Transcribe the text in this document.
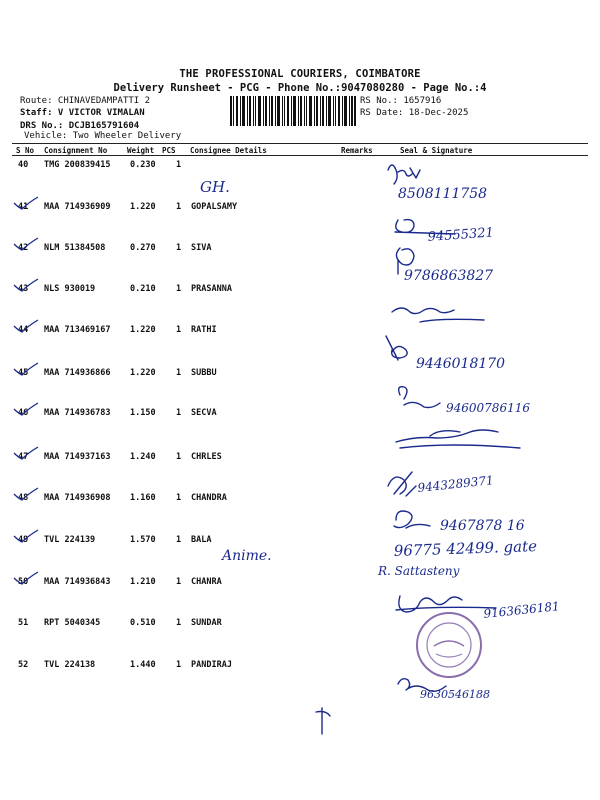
THE PROFESSIONAL COURIERS, COIMBATORE
Delivery Runsheet - PCG - Phone No.:9047080280 - Page No.:4
Route: CHINAVEDAMPATTI 2
Staff: V VICTOR VIMALAN
DRS No.: DCJB165791604
Vehicle: Two Wheeler Delivery
RS No.: 1657916
RS Date: 18-Dec-2025
S No Consignment No	Weight PCS Consignee Details	Remarks	Seal & Signature
40 TMG 200839415 0.230 1
41 MAA 714936909 1.220 1 GOPALSAMY
42 NLM 51384508	0.270 1 SIVA
43 NLS 930019	0.210 1 PRASANNA
44 MAA 713469167 1.220 1 RATHI
45 MAA 714936866 1.220 1 SUBBU
46 MAA 714936783 1.150 1 SECVA
47 MAA 714937163 1.240 1 CHRLES
48 MAA 714936908 1.160 1 CHANDRA
49 TVL 224139	1.570 1 BALA
50 MAA 714936843 1.210 1 CHANRA
51 RPT 5040345	0.510 1 SUNDAR
52 TVL 224138	1.440 1 PANDIRAJ
8508111758
GH.
94555321
9786863827
9446018170
94600786116
9443289371
9467878 16
96775 42499. gate
Anime.
R. Sattasteny
9163636181
9630546188
